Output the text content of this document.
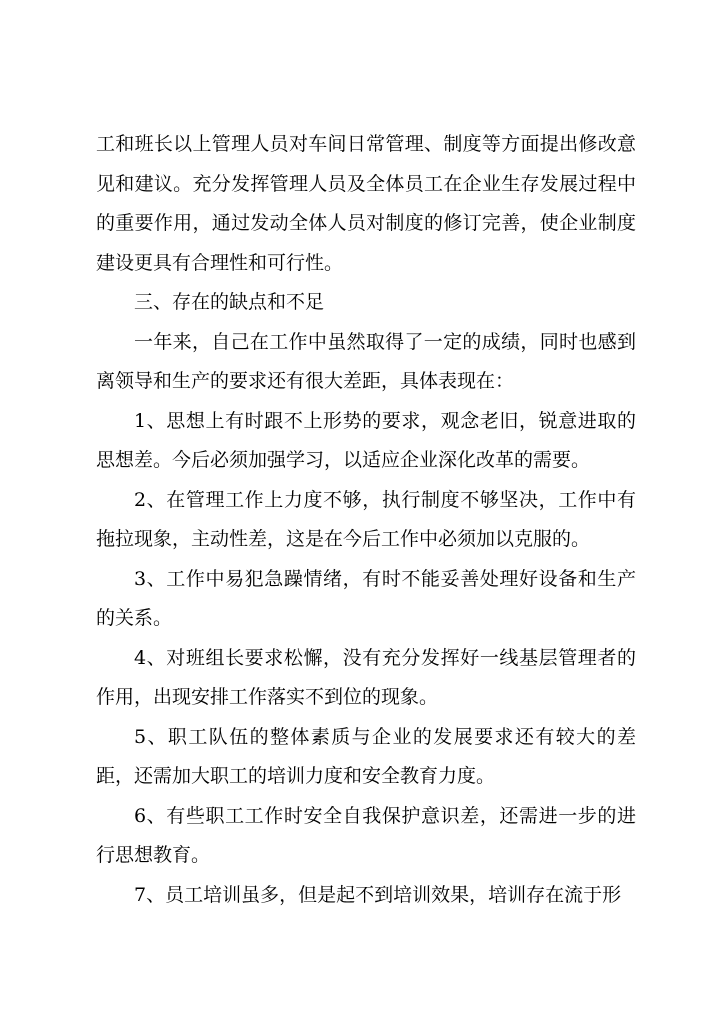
工和班长以上管理人员对车间日常管理、制度等方面提出修改意见和建议。充分发挥管理人员及全体员工在企业生存发展过程中的重要作用，通过发动全体人员对制度的修订完善，使企业制度建设更具有合理性和可行性。

三、存在的缺点和不足

一年来，自己在工作中虽然取得了一定的成绩，同时也感到离领导和生产的要求还有很大差距，具体表现在：

1、思想上有时跟不上形势的要求，观念老旧，锐意进取的思想差。今后必须加强学习，以适应企业深化改革的需要。

2、在管理工作上力度不够，执行制度不够坚决，工作中有拖拉现象，主动性差，这是在今后工作中必须加以克服的。

3、工作中易犯急躁情绪，有时不能妥善处理好设备和生产的关系。

4、对班组长要求松懈，没有充分发挥好一线基层管理者的作用，出现安排工作落实不到位的现象。

5、职工队伍的整体素质与企业的发展要求还有较大的差距，还需加大职工的培训力度和安全教育力度。

6、有些职工工作时安全自我保护意识差，还需进一步的进行思想教育。

7、员工培训虽多，但是起不到培训效果，培训存在流于形
